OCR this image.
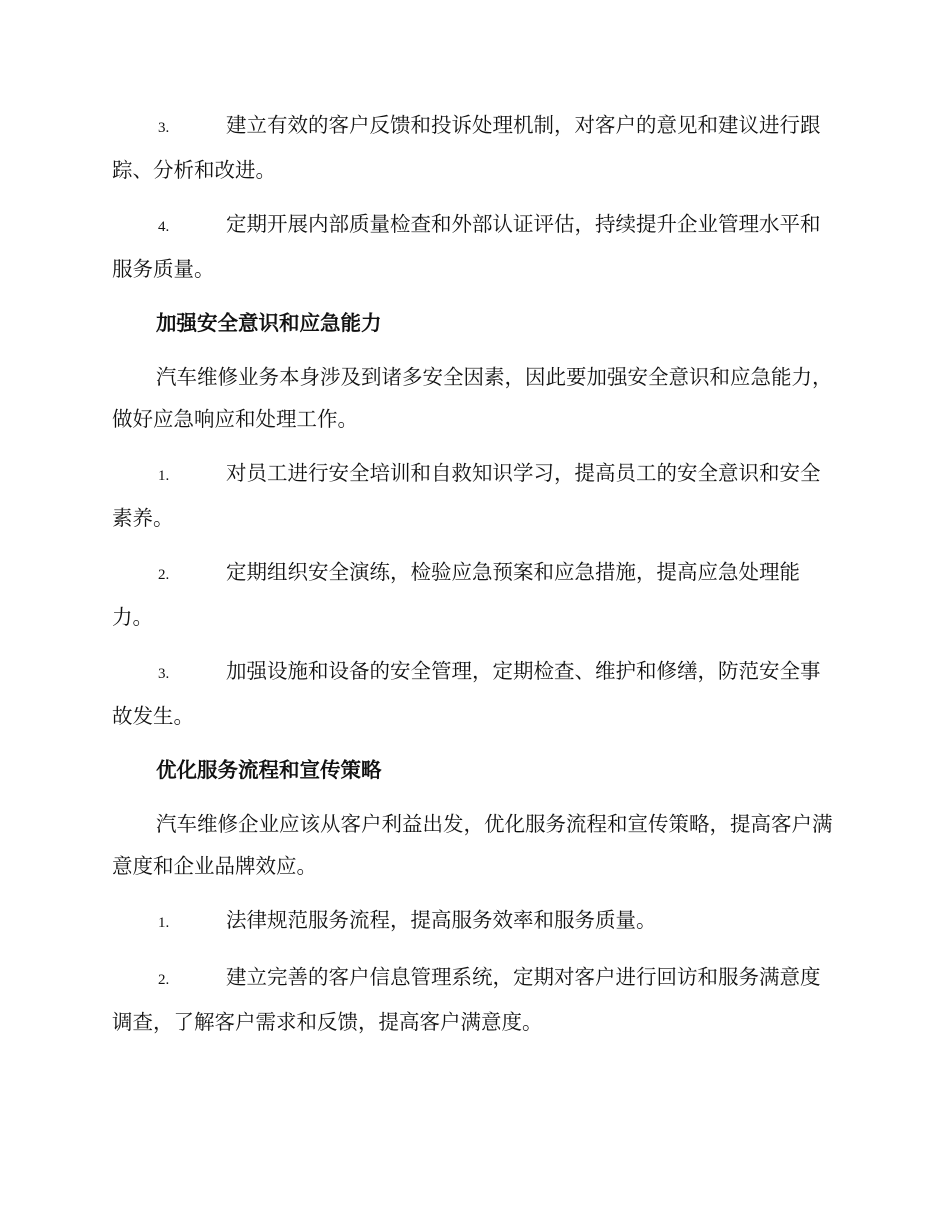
3.	建立有效的客户反馈和投诉处理机制，对客户的意见和建议进行跟踪、分析和改进。

4.	定期开展内部质量检查和外部认证评估，持续提升企业管理水平和服务质量。

加强安全意识和应急能力

汽车维修业务本身涉及到诸多安全因素，因此要加强安全意识和应急能力，做好应急响应和处理工作。

1.	对员工进行安全培训和自救知识学习，提高员工的安全意识和安全素养。

2.	定期组织安全演练，检验应急预案和应急措施，提高应急处理能力。

3.	加强设施和设备的安全管理，定期检查、维护和修缮，防范安全事故发生。

优化服务流程和宣传策略

汽车维修企业应该从客户利益出发，优化服务流程和宣传策略，提高客户满意度和企业品牌效应。

1.	法律规范服务流程，提高服务效率和服务质量。

2.	建立完善的客户信息管理系统，定期对客户进行回访和服务满意度调查，了解客户需求和反馈，提高客户满意度。
